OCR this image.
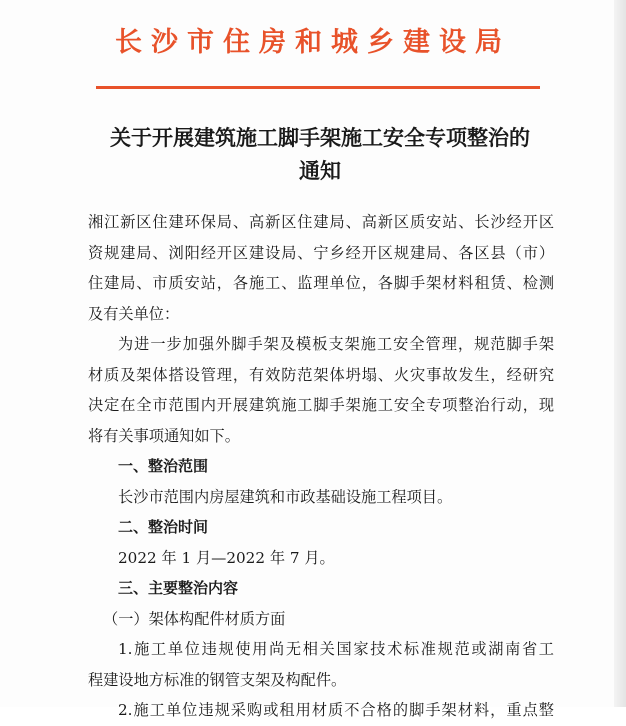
长沙市住房和城乡建设局
关于开展建筑施工脚手架施工安全专项整治的
通知
湘江新区住建环保局、高新区住建局、高新区质安站、长沙经开区
资规建局、浏阳经开区建设局、宁乡经开区规建局、各区县（市）
住建局、市质安站，各施工、监理单位，各脚手架材料租赁、检测
及有关单位：
为进一步加强外脚手架及模板支架施工安全管理，规范脚手架
材质及架体搭设管理，有效防范架体坍塌、火灾事故发生，经研究
决定在全市范围内开展建筑施工脚手架施工安全专项整治行动，现
将有关事项通知如下。
一、整治范围
长沙市范围内房屋建筑和市政基础设施工程项目。
二、整治时间
2022 年 1 月—2022 年 7 月。
三、主要整治内容
（一）架体构配件材质方面
1.施工单位违规使用尚无相关国家技术标准规范或湖南省工
程建设地方标准的钢管支架及构配件。
2.施工单位违规采购或租用材质不合格的脚手架材料，重点整
